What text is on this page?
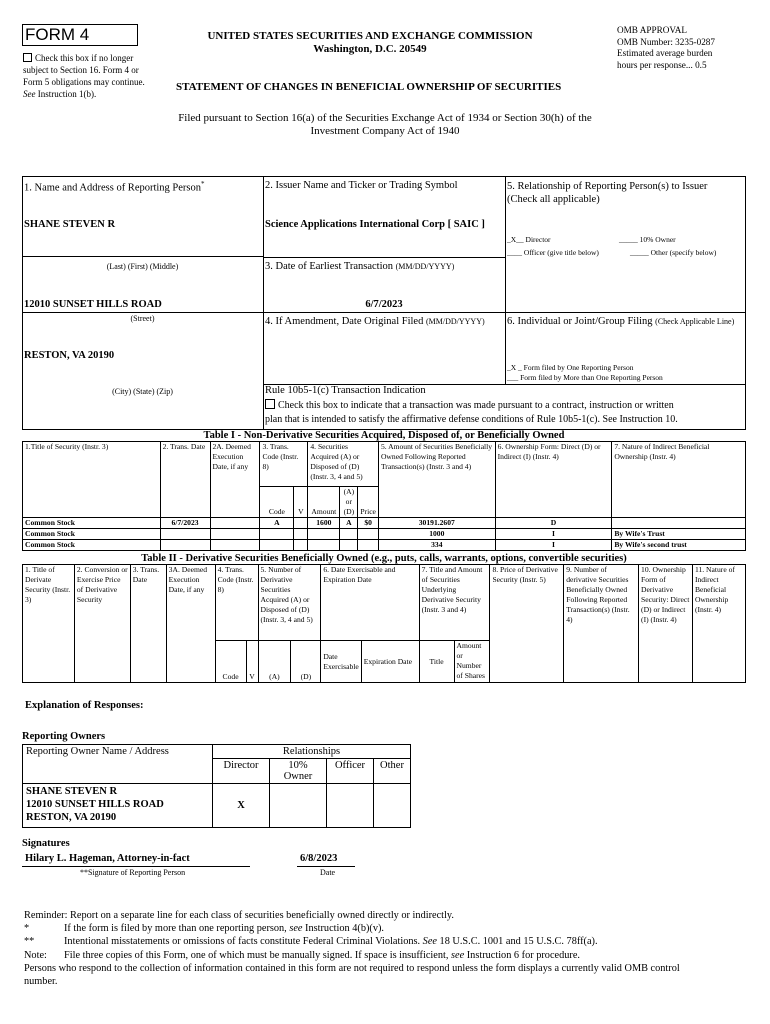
FORM 4
Check this box if no longer subject to Section 16. Form 4 or Form 5 obligations may continue. See Instruction 1(b).
UNITED STATES SECURITIES AND EXCHANGE COMMISSION
Washington, D.C. 20549
STATEMENT OF CHANGES IN BENEFICIAL OWNERSHIP OF SECURITIES
OMB APPROVAL
OMB Number: 3235-0287
Estimated average burden
hours per response... 0.5
Filed pursuant to Section 16(a) of the Securities Exchange Act of 1934 or Section 30(h) of the
Investment Company Act of 1940
1. Name and Address of Reporting Person*
SHANE STEVEN R
(Last) (First) (Middle)
12010 SUNSET HILLS ROAD
(Street)
RESTON, VA 20190
(City) (State) (Zip)
2. Issuer Name and Ticker or Trading Symbol
Science Applications International Corp [ SAIC ]
3. Date of Earliest Transaction (MM/DD/YYYY)
6/7/2023
4. If Amendment, Date Original Filed (MM/DD/YYYY)
5. Relationship of Reporting Person(s) to Issuer
(Check all applicable)
_X__ Director	_____ 10% Owner
____ Officer (give title below)	_____ Other (specify below)
6. Individual or Joint/Group Filing (Check Applicable Line)
_X _ Form filed by One Reporting Person
___ Form filed by More than One Reporting Person
Rule 10b5-1(c) Transaction Indication
Check this box to indicate that a transaction was made pursuant to a contract, instruction or written
plan that is intended to satisfy the affirmative defense conditions of Rule 10b5-1(c). See Instruction 10.
Table I - Non-Derivative Securities Acquired, Disposed of, or Beneficially Owned
1.Title of Security (Instr. 3)	2. Trans. Date	2A. Deemed Execution Date, if any	3. Trans. Code (Instr. 8)		4. Securities Acquired (A) or Disposed of (D) (Instr. 3, 4 and 5)			5. Amount of Securities Beneficially Owned Following Reported Transaction(s) (Instr. 3 and 4)	6. Ownership Form: Direct (D) or Indirect (I) (Instr. 4)	7. Nature of Indirect Beneficial Ownership (Instr. 4)
			Code	V	Amount	(A) or (D)	Price			
Common Stock	6/7/2023		A		1600	A	$0	30191.2607	D	
Common Stock								1000	I	By Wife's Trust
Common Stock								334	I	By Wife's second trust
Table II - Derivative Securities Beneficially Owned (e.g., puts, calls, warrants, options, convertible securities)
1. Title of Derivate Security (Instr. 3)	2. Conversion or Exercise Price of Derivative Security	3. Trans. Date	3A. Deemed Execution Date, if any	4. Trans. Code (Instr. 8)		5. Number of Derivative Securities Acquired (A) or Disposed of (D) (Instr. 3, 4 and 5)		6. Date Exercisable and Expiration Date		7. Title and Amount of Securities Underlying Derivative Security (Instr. 3 and 4)		8. Price of Derivative Security (Instr. 5)	9. Number of derivative Securities Beneficially Owned Following Reported Transaction(s) (Instr. 4)	10. Ownership Form of Derivative Security: Direct (D) or Indirect (I) (Instr. 4)	11. Nature of Indirect Beneficial Ownership (Instr. 4)
				Code	V	(A)	(D)	Date Exercisable	Expiration Date	Title	Amount or Number of Shares				
Explanation of Responses:
Reporting Owners
Reporting Owner Name / Address	Relationships			
	Director	10% Owner	Officer	Other

SHANE STEVEN R
12010 SUNSET HILLS ROAD
RESTON, VA 20190	X			
Signatures
Hilary L. Hageman, Attorney-in-fact	6/8/2023
**Signature of Reporting Person	Date
Reminder: Report on a separate line for each class of securities beneficially owned directly or indirectly.
*	If the form is filed by more than one reporting person, see Instruction 4(b)(v).
**	Intentional misstatements or omissions of facts constitute Federal Criminal Violations. See 18 U.S.C. 1001 and 15 U.S.C. 78ff(a).
Note: File three copies of this Form, one of which must be manually signed. If space is insufficient, see Instruction 6 for procedure.
Persons who respond to the collection of information contained in this form are not required to respond unless the form displays a currently valid OMB control
number.
